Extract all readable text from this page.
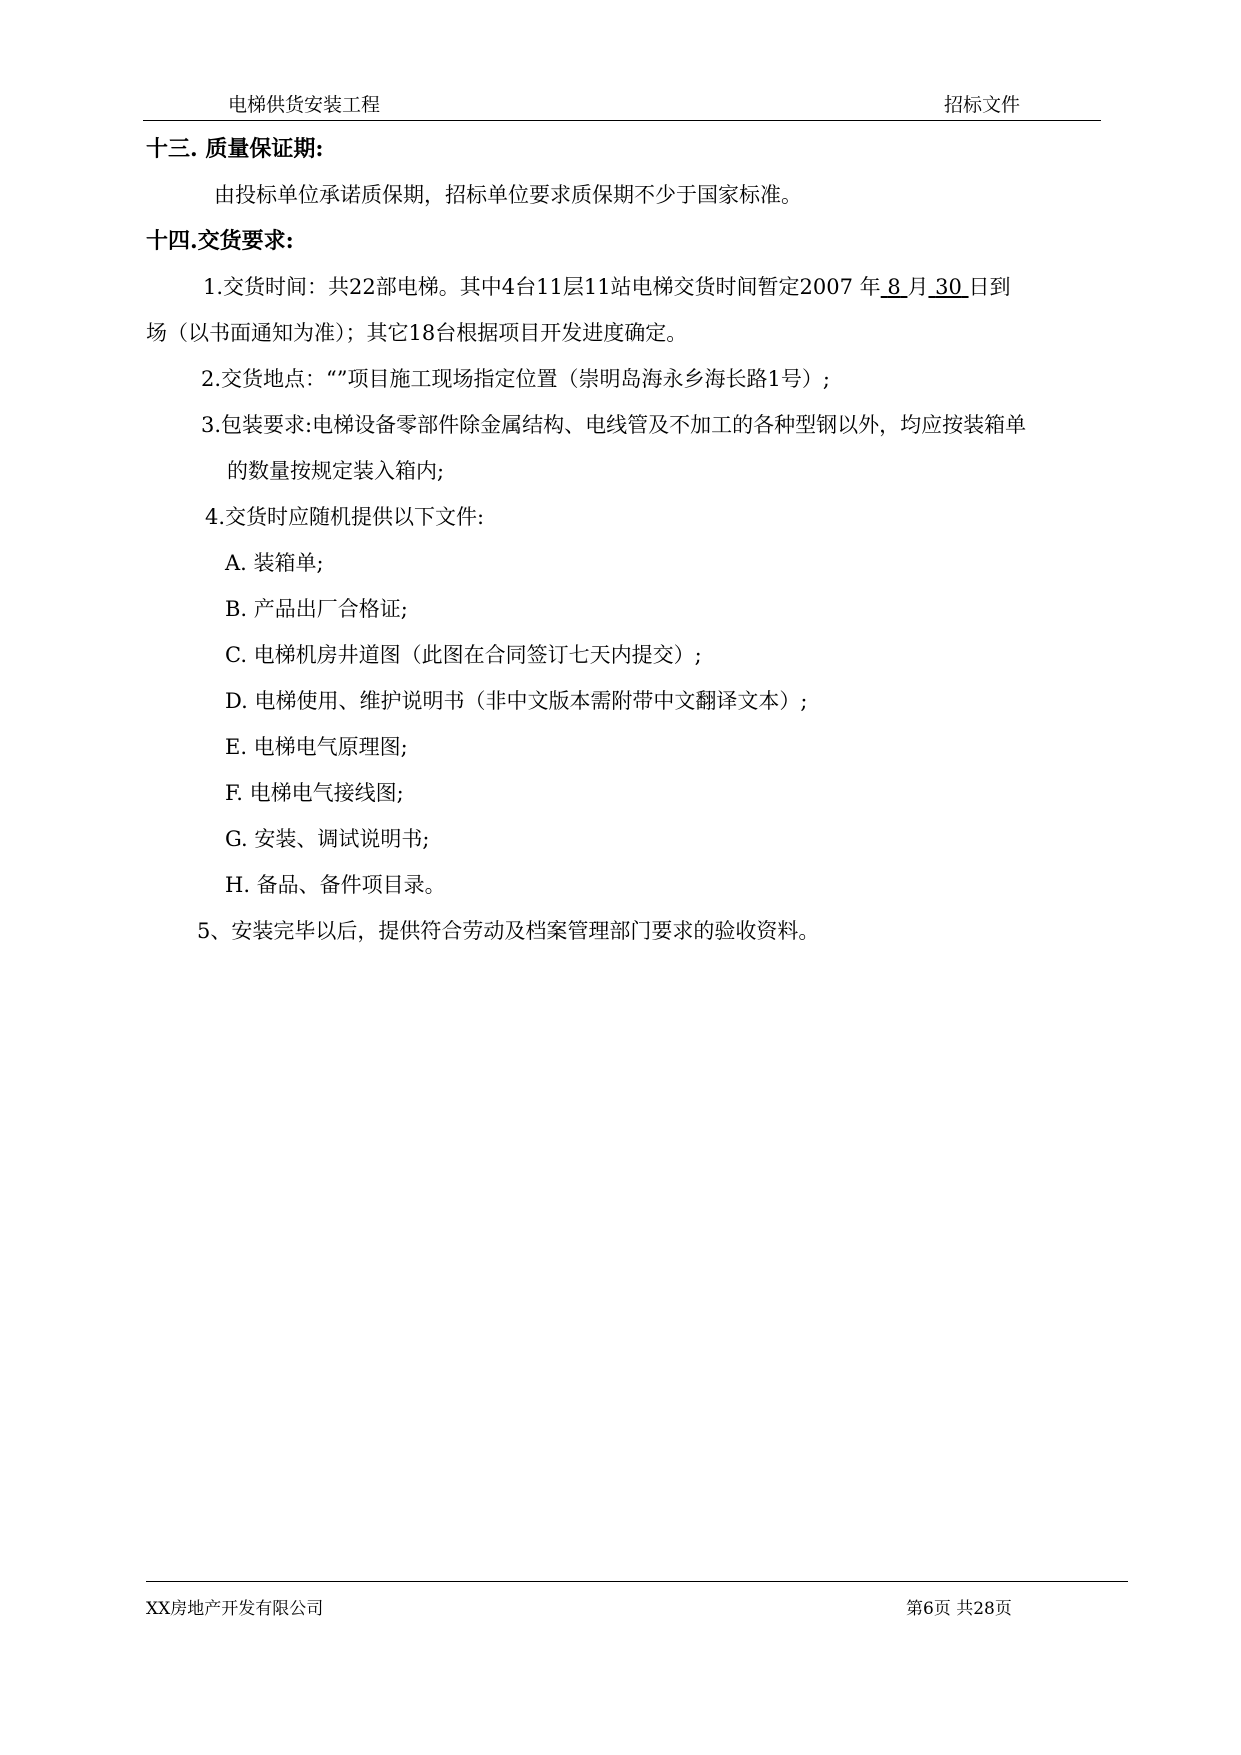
电梯供货安装工程	招标文件
十三. 质量保证期:
由投标单位承诺质保期，招标单位要求质保期不少于国家标准。
十四.交货要求:
1.交货时间：共22部电梯。其中4台11层11站电梯交货时间暂定2007 年 8 月 30 日到
场（以书面通知为准）；其它18台根据项目开发进度确定。
2.交货地点：“”项目施工现场指定位置（崇明岛海永乡海长路1号）;
3.包装要求:电梯设备零部件除金属结构、电线管及不加工的各种型钢以外，均应按装箱单
的数量按规定装入箱内;
4.交货时应随机提供以下文件:
A. 装箱单;
B. 产品出厂合格证;
C. 电梯机房井道图（此图在合同签订七天内提交）;
D. 电梯使用、维护说明书（非中文版本需附带中文翻译文本）;
E. 电梯电气原理图;
F. 电梯电气接线图;
G. 安装、调试说明书;
H. 备品、备件项目录。
5、安装完毕以后，提供符合劳动及档案管理部门要求的验收资料。
XX房地产开发有限公司	第6页 共28页
